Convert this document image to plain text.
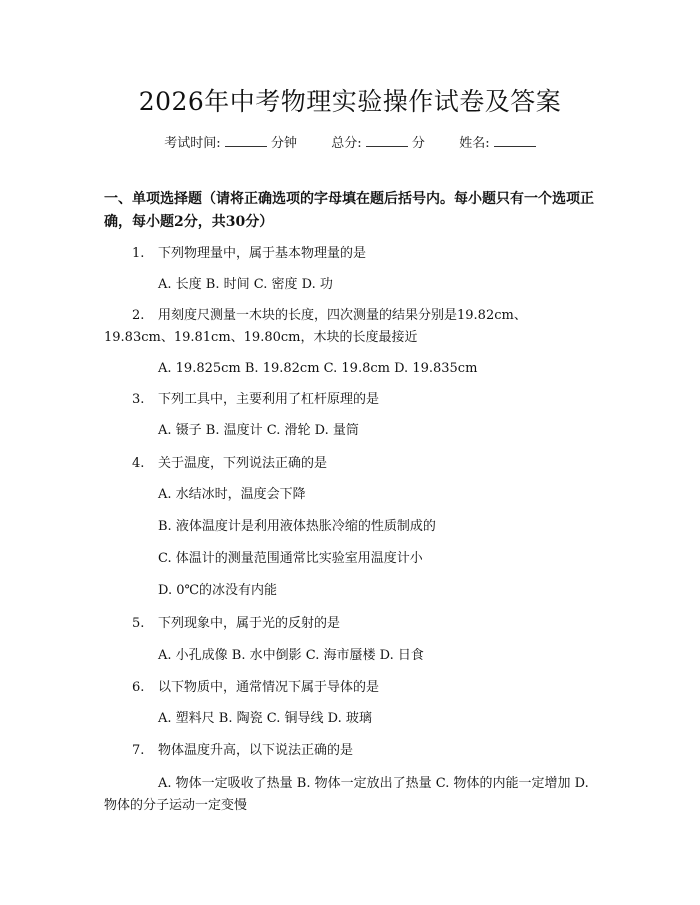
2026年中考物理实验操作试卷及答案
考试时间:	分钟	总分:	分	姓名:

一、单项选择题（请将正确选项的字母填在题后括号内。每小题只有一个选项正确，每小题2分，共30分）

1. 下列物理量中，属于基本物理量的是
A. 长度 B. 时间 C. 密度 D. 功
2. 用刻度尺测量一木块的长度，四次测量的结果分别是19.82cm、19.83cm、19.81cm、19.80cm，木块的长度最接近
A. 19.825cm B. 19.82cm C. 19.8cm D. 19.835cm
3. 下列工具中，主要利用了杠杆原理的是
A. 镊子 B. 温度计 C. 滑轮 D. 量筒
4. 关于温度，下列说法正确的是
A. 水结冰时，温度会下降
B. 液体温度计是利用液体热胀冷缩的性质制成的
C. 体温计的测量范围通常比实验室用温度计小
D. 0℃的冰没有内能
5. 下列现象中，属于光的反射的是
A. 小孔成像 B. 水中倒影 C. 海市蜃楼 D. 日食
6. 以下物质中，通常情况下属于导体的是
A. 塑料尺 B. 陶瓷 C. 铜导线 D. 玻璃
7. 物体温度升高，以下说法正确的是
A. 物体一定吸收了热量 B. 物体一定放出了热量 C. 物体的内能一定增加 D. 物体的分子运动一定变慢
